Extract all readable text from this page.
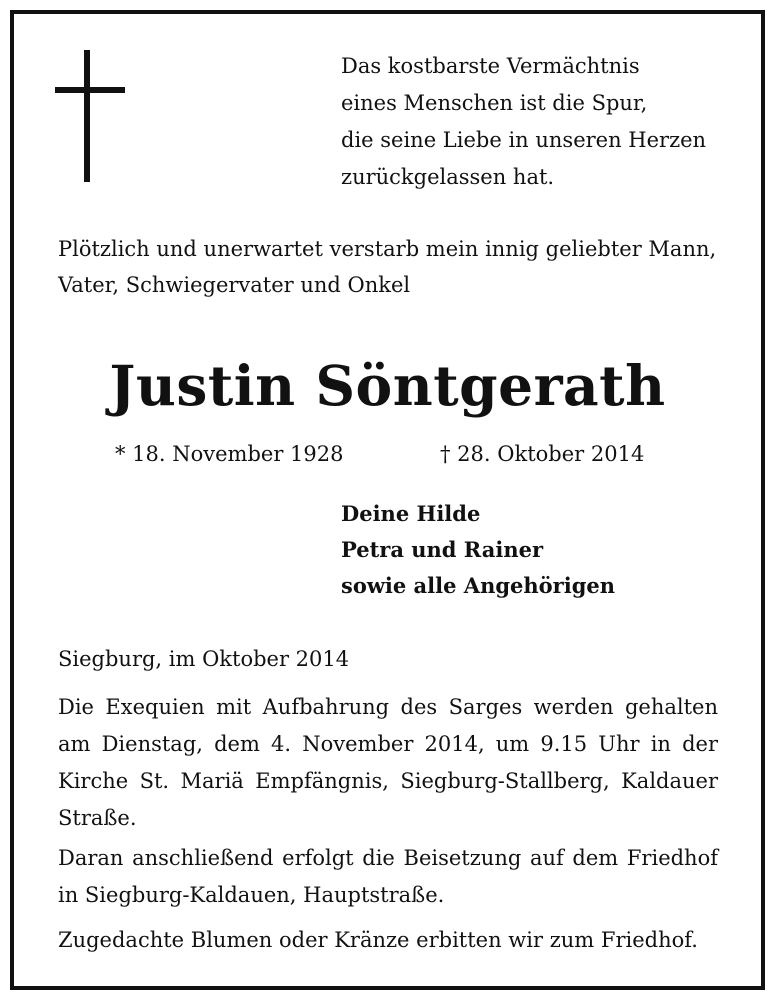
Das kostbarste Vermächtnis
eines Menschen ist die Spur,
die seine Liebe in unseren Herzen
zurückgelassen hat.
Plötzlich und unerwartet verstarb mein innig geliebter Mann,
Vater, Schwiegervater und Onkel
Justin Söntgerath
* 18. November 1928	† 28. Oktober 2014
Deine Hilde
Petra und Rainer
sowie alle Angehörigen
Siegburg, im Oktober 2014
Die Exequien mit Aufbahrung des Sarges werden gehalten
am Dienstag, dem 4. November 2014, um 9.15 Uhr in der
Kirche St. Mariä Empfängnis, Siegburg-Stallberg, Kaldauer
Straße.
Daran anschließend erfolgt die Beisetzung auf dem Friedhof
in Siegburg-Kaldauen, Hauptstraße.
Zugedachte Blumen oder Kränze erbitten wir zum Friedhof.
